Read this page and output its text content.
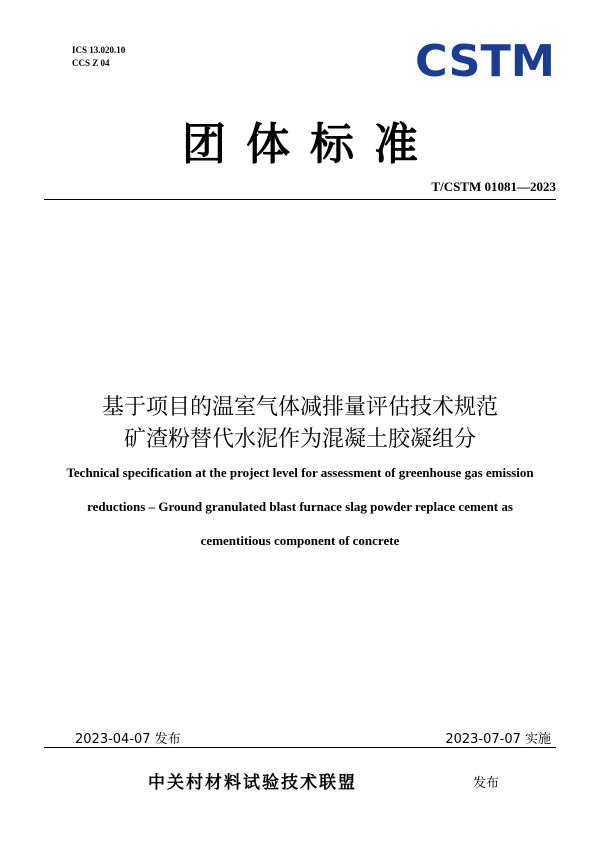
ICS 13.020.10
CCS Z 04	CSTM
团体标准
T/CSTM 01081—2023
基于项目的温室气体减排量评估技术规范
矿渣粉替代水泥作为混凝土胶凝组分
Technical specification at the project level for assessment of greenhouse gas emission reductions – Ground granulated blast furnace slag powder replace cement as cementitious component of concrete
2023-04-07 发布	2023-07-07 实施
中关村材料试验技术联盟	发布
